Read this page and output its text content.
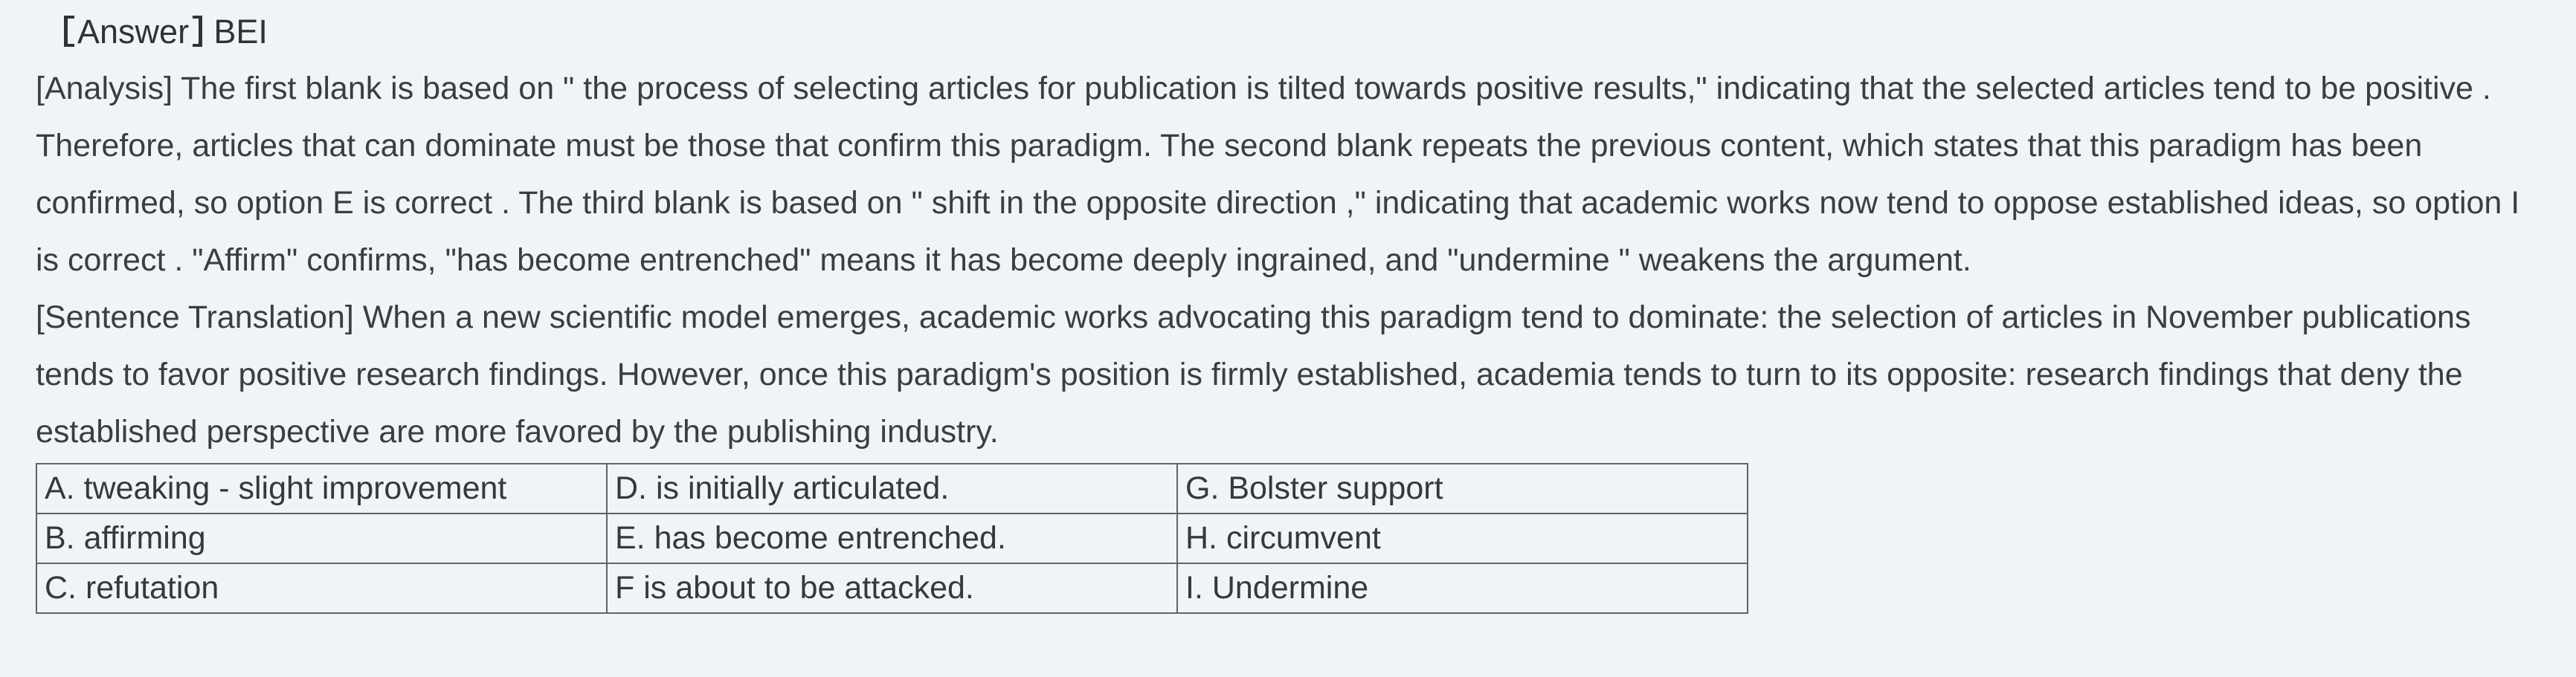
Answer BEI

[Analysis] The first blank is based on " the process of selecting articles for publication is tilted towards positive results," indicating that the selected articles tend to be positive . Therefore, articles that can dominate must be those that confirm this paradigm. The second blank repeats the previous content, which states that this paradigm has been confirmed, so option E is correct . The third blank is based on " shift in the opposite direction ," indicating that academic works now tend to oppose established ideas, so option I is correct . "Affirm" confirms, "has become entrenched" means it has become deeply ingrained, and "undermine " weakens the argument.

[Sentence Translation] When a new scientific model emerges, academic works advocating this paradigm tend to dominate: the selection of articles in November publications tends to favor positive research findings. However, once this paradigm's position is firmly established, academia tends to turn to its opposite: research findings that deny the established perspective are more favored by the publishing industry.

A. tweaking - slight improvement	D. is initially articulated.	G. Bolster support
B. affirming	E. has become entrenched.	H. circumvent
C. refutation	F is about to be attacked.	I. Undermine
